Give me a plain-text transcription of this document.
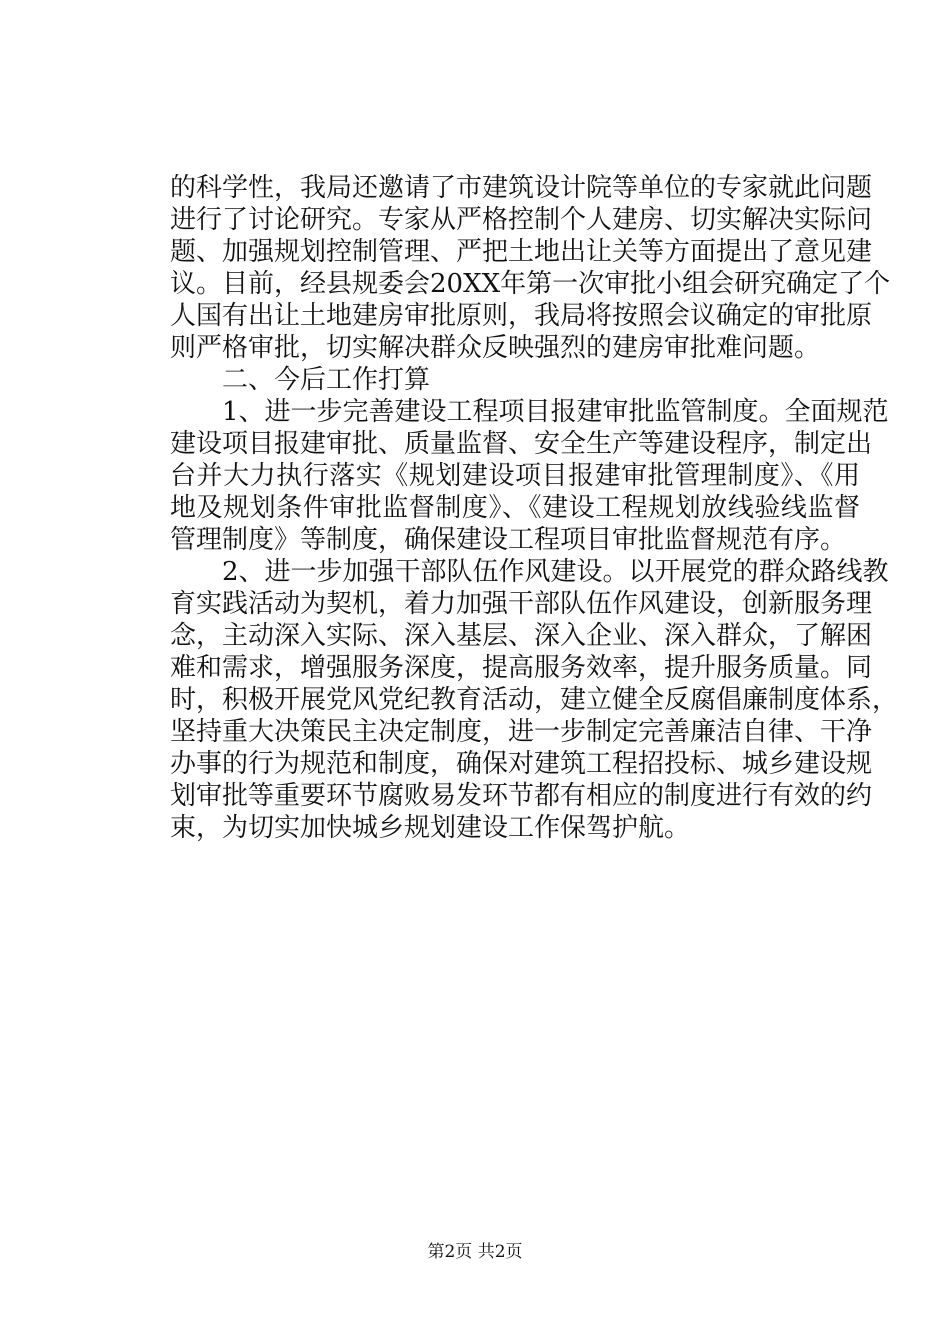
的科学性，我局还邀请了市建筑设计院等单位的专家就此问题
进行了讨论研究。专家从严格控制个人建房、切实解决实际问
题、加强规划控制管理、严把土地出让关等方面提出了意见建
议。目前，经县规委会20XX年第一次审批小组会研究确定了个
人国有出让土地建房审批原则，我局将按照会议确定的审批原
则严格审批，切实解决群众反映强烈的建房审批难问题。
　　二、今后工作打算
　　1、进一步完善建设工程项目报建审批监管制度。全面规范
建设项目报建审批、质量监督、安全生产等建设程序，制定出
台并大力执行落实《规划建设项目报建审批管理制度》、《用
地及规划条件审批监督制度》、《建设工程规划放线验线监督
管理制度》等制度，确保建设工程项目审批监督规范有序。
　　2、进一步加强干部队伍作风建设。以开展党的群众路线教
育实践活动为契机，着力加强干部队伍作风建设，创新服务理
念，主动深入实际、深入基层、深入企业、深入群众，了解困
难和需求，增强服务深度，提高服务效率，提升服务质量。同
时，积极开展党风党纪教育活动，建立健全反腐倡廉制度体系，
坚持重大决策民主决定制度，进一步制定完善廉洁自律、干净
办事的行为规范和制度，确保对建筑工程招投标、城乡建设规
划审批等重要环节腐败易发环节都有相应的制度进行有效的约
束，为切实加快城乡规划建设工作保驾护航。
第2页 共2页
